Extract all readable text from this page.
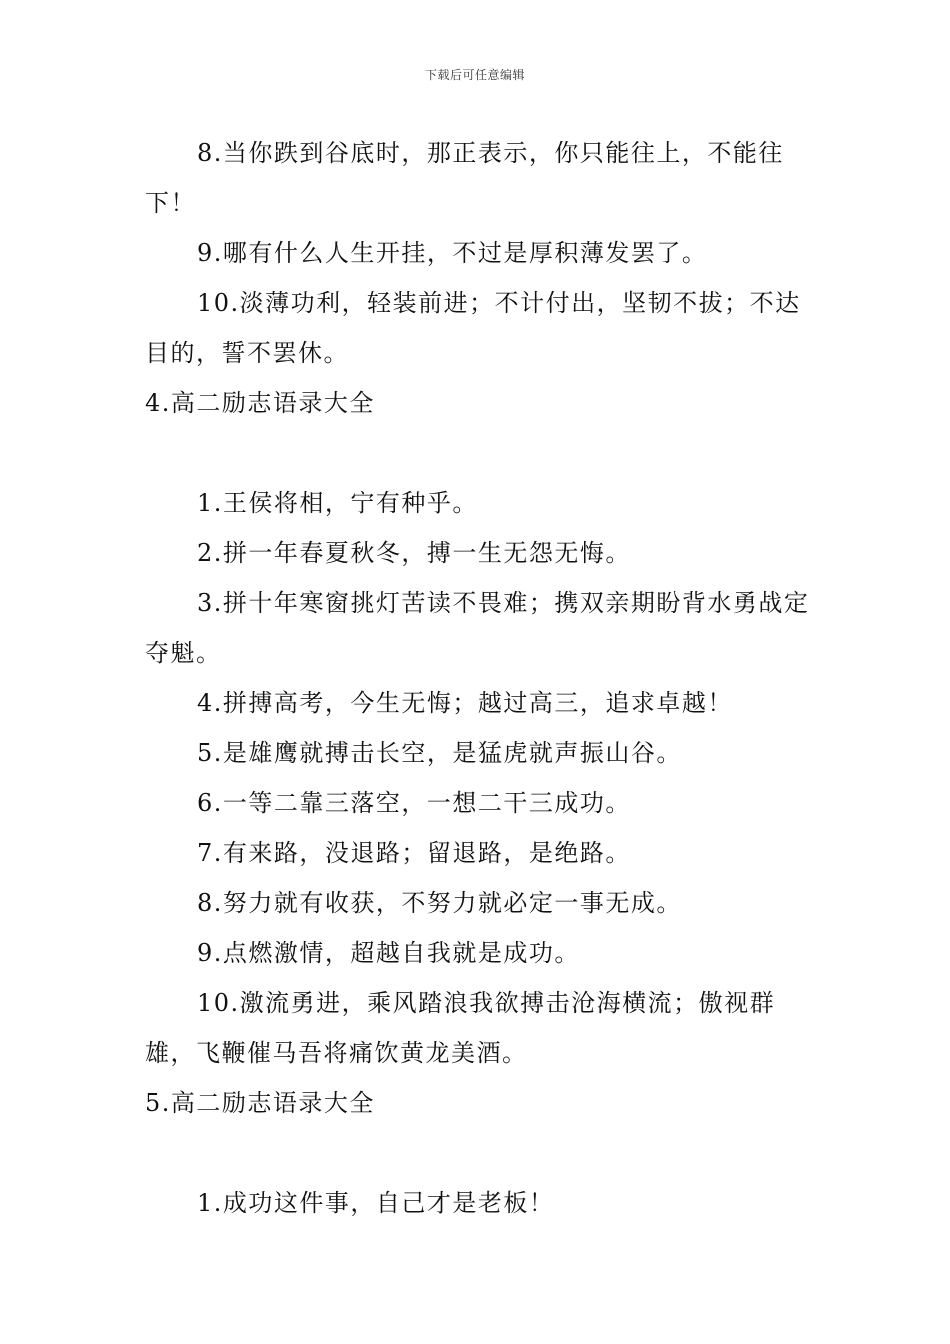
下载后可任意编辑

8.当你跌到谷底时，那正表示，你只能往上，不能往下！

9.哪有什么人生开挂，不过是厚积薄发罢了。

10.淡薄功利，轻装前进；不计付出，坚韧不拔；不达目的，誓不罢休。

4.高二励志语录大全

1.王侯将相，宁有种乎。

2.拼一年春夏秋冬，搏一生无怨无悔。

3.拼十年寒窗挑灯苦读不畏难；携双亲期盼背水勇战定夺魁。

4.拼搏高考，今生无悔；越过高三，追求卓越！

5.是雄鹰就搏击长空，是猛虎就声振山谷。

6.一等二靠三落空，一想二干三成功。

7.有来路，没退路；留退路，是绝路。

8.努力就有收获，不努力就必定一事无成。

9.点燃激情，超越自我就是成功。

10.激流勇进，乘风踏浪我欲搏击沧海横流；傲视群雄，飞鞭催马吾将痛饮黄龙美酒。

5.高二励志语录大全

1.成功这件事，自己才是老板！
